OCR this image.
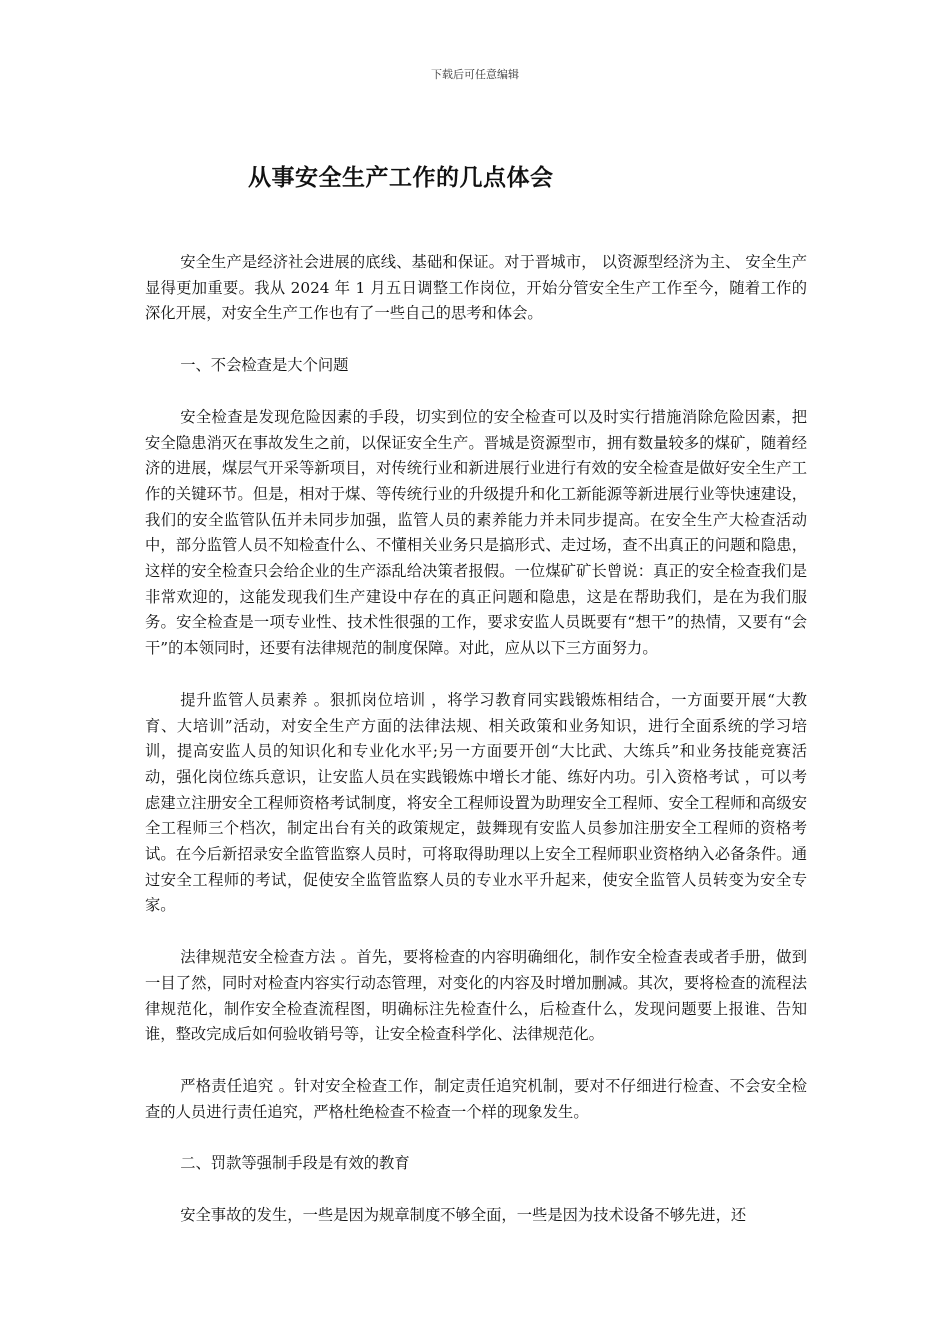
下载后可任意编辑
从事安全生产工作的几点体会

安全生产是经济社会进展的底线、基础和保证。对于晋城市， 以资源型经济为主、 安全生产显得更加重要。我从 2024 年 1 月五日调整工作岗位，开始分管安全生产工作至今，随着工作的深化开展，对安全生产工作也有了一些自己的思考和体会。

一、不会检查是大个问题

安全检查是发现危险因素的手段，切实到位的安全检查可以及时实行措施消除危险因素，把安全隐患消灭在事故发生之前，以保证安全生产。晋城是资源型市，拥有数量较多的煤矿，随着经济的进展，煤层气开采等新项目，对传统行业和新进展行业进行有效的安全检查是做好安全生产工作的关键环节。但是，相对于煤、等传统行业的升级提升和化工新能源等新进展行业等快速建设，我们的安全监管队伍并未同步加强，监管人员的素养能力并未同步提高。在安全生产大检查活动中，部分监管人员不知检查什么、不懂相关业务只是搞形式、走过场，查不出真正的问题和隐患，这样的安全检查只会给企业的生产添乱给决策者报假。一位煤矿矿长曾说：真正的安全检查我们是非常欢迎的，这能发现我们生产建设中存在的真正问题和隐患，这是在帮助我们，是在为我们服务。安全检查是一项专业性、技术性很强的工作，要求安监人员既要有“想干”的热情，又要有“会干”的本领同时，还要有法律规范的制度保障。对此，应从以下三方面努力。

提升监管人员素养 。狠抓岗位培训 ，将学习教育同实践锻炼相结合，一方面要开展“大教育、大培训”活动，对安全生产方面的法律法规、相关政策和业务知识，进行全面系统的学习培训，提高安监人员的知识化和专业化水平;另一方面要开创“大比武、大练兵”和业务技能竞赛活动，强化岗位练兵意识，让安监人员在实践锻炼中增长才能、练好内功。引入资格考试 ，可以考虑建立注册安全工程师资格考试制度，将安全工程师设置为助理安全工程师、安全工程师和高级安全工程师三个档次，制定出台有关的政策规定，鼓舞现有安监人员参加注册安全工程师的资格考试。在今后新招录安全监管监察人员时，可将取得助理以上安全工程师职业资格纳入必备条件。通过安全工程师的考试，促使安全监管监察人员的专业水平升起来，使安全监管人员转变为安全专家。

法律规范安全检查方法 。首先，要将检查的内容明确细化，制作安全检查表或者手册，做到一目了然，同时对检查内容实行动态管理，对变化的内容及时增加删减。其次，要将检查的流程法律规范化，制作安全检查流程图，明确标注先检查什么，后检查什么，发现问题要上报谁、告知谁，整改完成后如何验收销号等，让安全检查科学化、法律规范化。

严格责任追究 。针对安全检查工作，制定责任追究机制，要对不仔细进行检查、不会安全检查的人员进行责任追究，严格杜绝检查不检查一个样的现象发生。

二、罚款等强制手段是有效的教育

安全事故的发生，一些是因为规章制度不够全面，一些是因为技术设备不够先进，还
